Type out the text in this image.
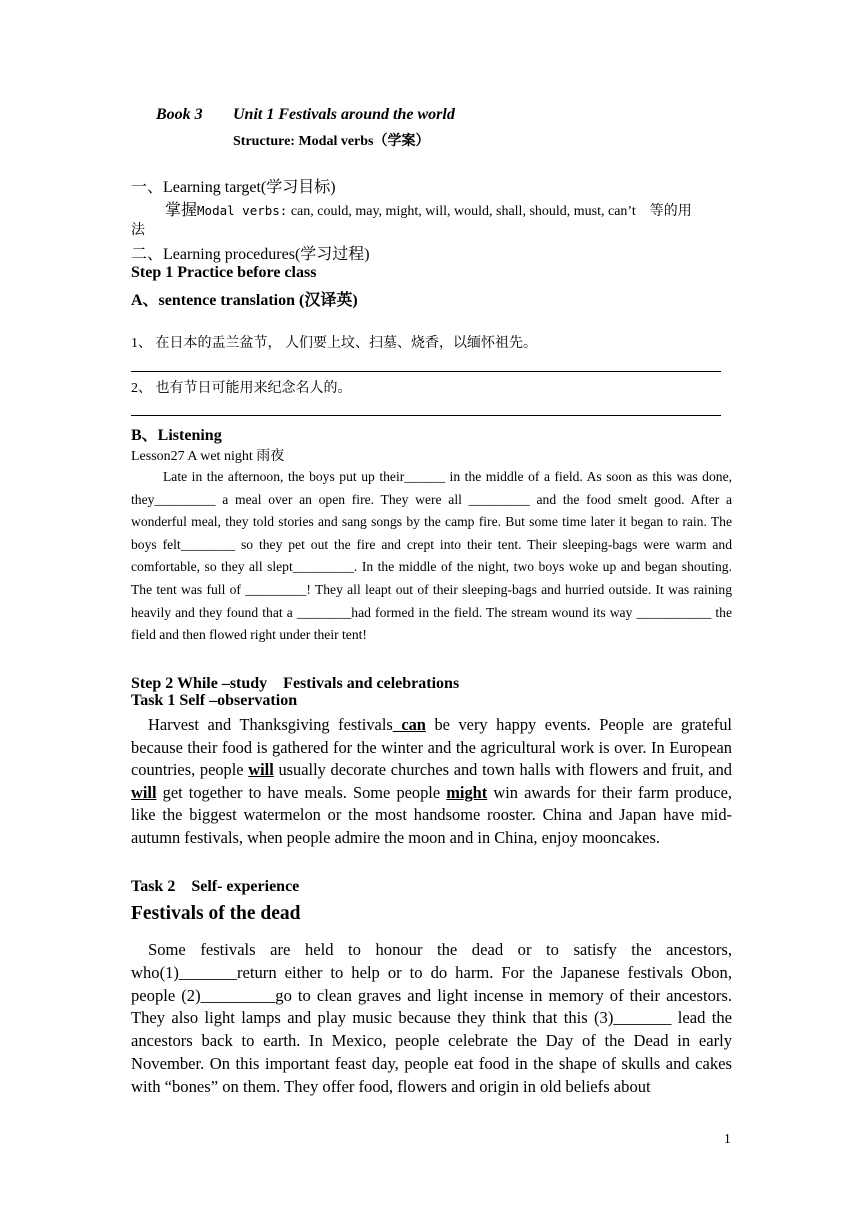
Book 3 Unit 1 Festivals around the world
Structure: Modal verbs（学案）
一、Learning target(学习目标)
掌握Modal verbs: can, could, may, might, will, would, shall, should, must, can’t　等的用
法
二、Learning procedures(学习过程)
Step 1 Practice before class
A、sentence translation (汉译英)
1、 在日本的盂兰盆节， 人们要上坟、扫墓、烧香，以缅怀祖先。
2、 也有节日可能用来纪念名人的。
B、Listening
Lesson27 A wet night 雨夜
Late in the afternoon, the boys put up their______ in the middle of a field. As soon as this was done, they_________ a meal over an open fire. They were all _________ and the food smelt good. After a wonderful meal, they told stories and sang songs by the camp fire. But some time later it began to rain. The boys felt________ so they pet out the fire and crept into their tent. Their sleeping-bags were warm and comfortable, so they all slept_________. In the middle of the night, two boys woke up and began shouting. The tent was full of _________! They all leapt out of their sleeping-bags and hurried outside. It was raining heavily and they found that a ________had formed in the field. The stream wound its way ___________ the field and then flowed right under their tent!
Step 2 While –study　Festivals and celebrations
Task 1 Self –observation
Harvest and Thanksgiving festivals can be very happy events. People are grateful because their food is gathered for the winter and the agricultural work is over. In European countries, people will usually decorate churches and town halls with flowers and fruit, and will get together to have meals. Some people might win awards for their farm produce, like the biggest watermelon or the most handsome rooster. China and Japan have mid-autumn festivals, when people admire the moon and in China, enjoy mooncakes.
Task 2　Self- experience
Festivals of the dead
Some festivals are held to honour the dead or to satisfy the ancestors, who(1)_______return either to help or to do harm. For the Japanese festivals Obon, people (2)_________go to clean graves and light incense in memory of their ancestors. They also light lamps and play music because they think that this (3)_______ lead the ancestors back to earth. In Mexico, people celebrate the Day of the Dead in early November. On this important feast day, people eat food in the shape of skulls and cakes with “bones” on them. They offer food, flowers and origin in old beliefs about
1
